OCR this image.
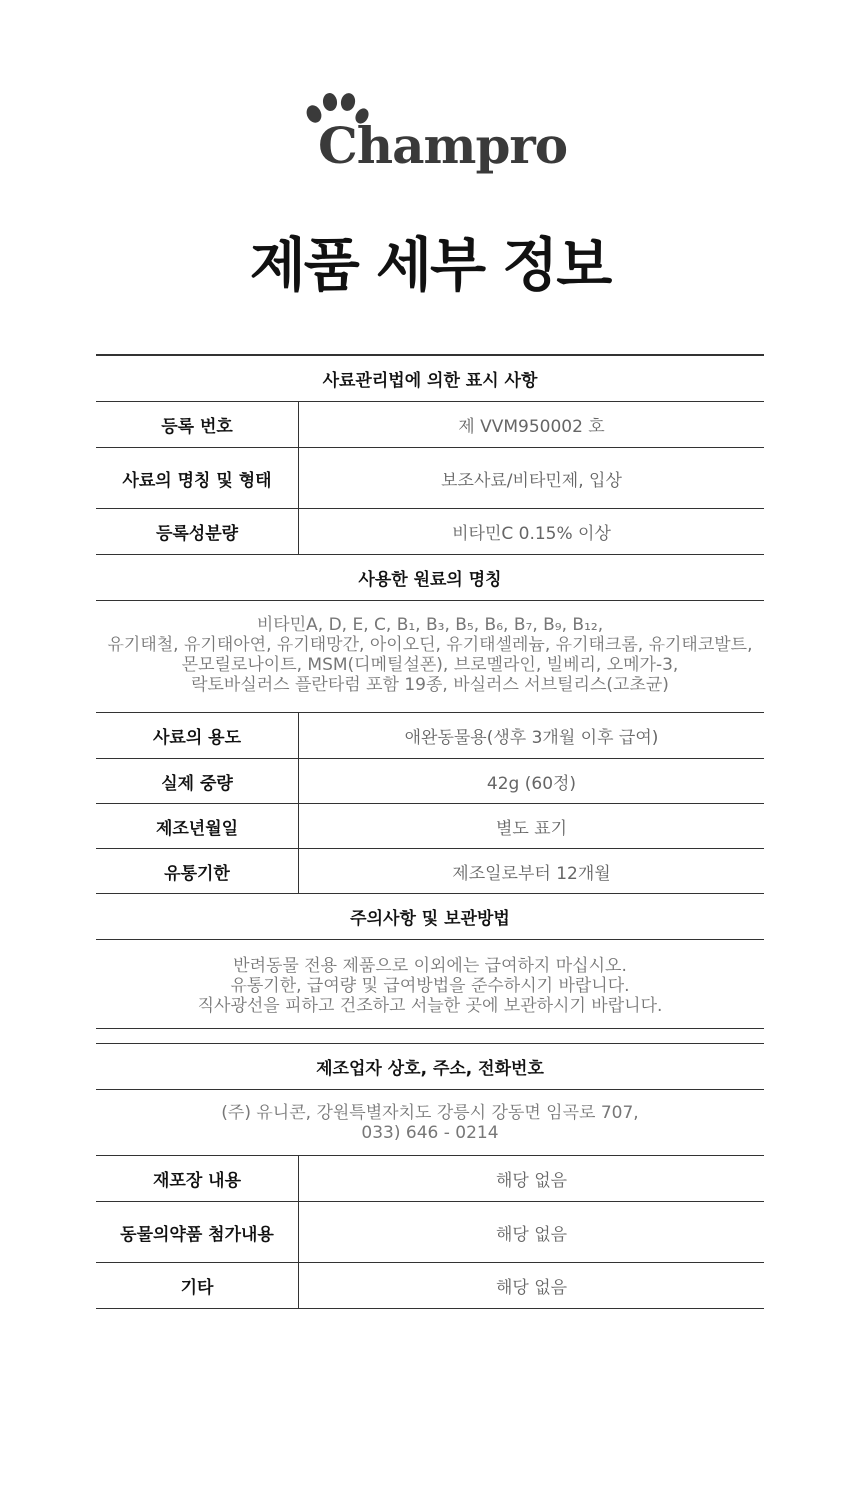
Champro
제품 세부 정보
사료관리법에 의한 표시 사항
등록 번호	제 VVM950002 호
사료의 명칭 및 형태	보조사료/비타민제, 입상
등록성분량	비타민C 0.15% 이상
사용한 원료의 명칭
비타민A, D, E, C, B₁, B₃, B₅, B₆, B₇, B₉, B₁₂,
유기태철, 유기태아연, 유기태망간, 아이오딘, 유기태셀레늄, 유기태크롬, 유기태코발트,
몬모릴로나이트, MSM(디메틸설폰), 브로멜라인, 빌베리, 오메가-3,
락토바실러스 플란타럼 포함 19종, 바실러스 서브틸리스(고초균)
사료의 용도	애완동물용(생후 3개월 이후 급여)
실제 중량	42g (60정)
제조년월일	별도 표기
유통기한	제조일로부터 12개월
주의사항 및 보관방법
반려동물 전용 제품으로 이외에는 급여하지 마십시오.
유통기한, 급여량 및 급여방법을 준수하시기 바랍니다.
직사광선을 피하고 건조하고 서늘한 곳에 보관하시기 바랍니다.
제조업자 상호, 주소, 전화번호
(주) 유니콘, 강원특별자치도 강릉시 강동면 임곡로 707,
033) 646 - 0214
재포장 내용	해당 없음
동물의약품 첨가내용	해당 없음
기타	해당 없음
